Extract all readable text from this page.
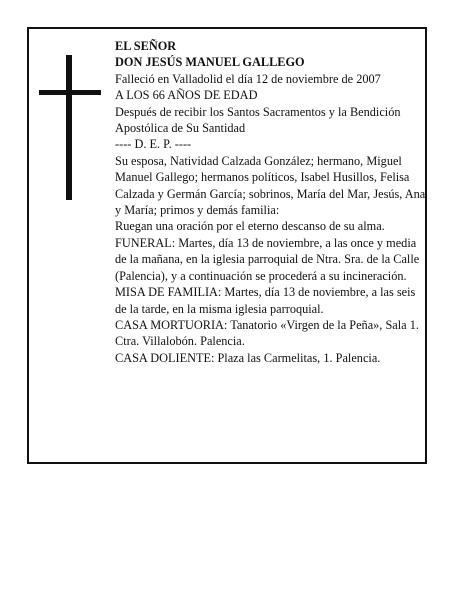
EL SEÑOR

DON JESÚS MANUEL GALLEGO

Falleció en Valladolid el día 12 de noviembre de 2007

A LOS 66 AÑOS DE EDAD

Después de recibir los Santos Sacramentos y la Bendición Apostólica de Su Santidad

---- D. E. P. ----

Su esposa, Natividad Calzada González; hermano, Miguel Manuel Gallego; hermanos políticos, Isabel Husillos, Felisa Calzada y Germán García; sobrinos, María del Mar, Jesús, Ana y María; primos y demás familia:

Ruegan una oración por el eterno descanso de su alma.

FUNERAL: Martes, día 13 de noviembre, a las once y media de la mañana, en la iglesia parroquial de Ntra. Sra. de la Calle (Palencia), y a continuación se procederá a su incineración.

MISA DE FAMILIA: Martes, día 13 de noviembre, a las seis de la tarde, en la misma iglesia parroquial.

CASA MORTUORIA: Tanatorio «Virgen de la Peña», Sala 1. Ctra. Villalobón. Palencia.

CASA DOLIENTE: Plaza las Carmelitas, 1. Palencia.
